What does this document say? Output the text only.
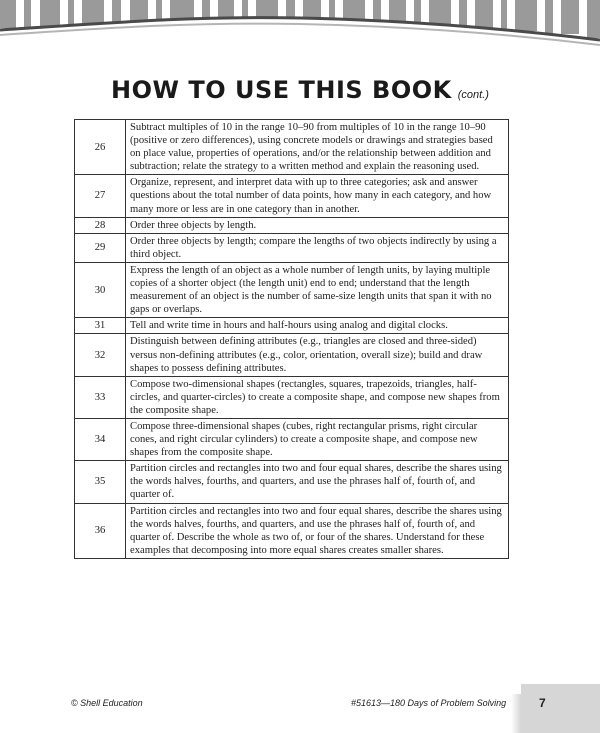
HOW TO USE THIS BOOK (cont.)
26	Subtract multiples of 10 in the range 10–90 from multiples of 10 in the range 10–90 (positive or zero differences), using concrete models or drawings and strategies based on place value, properties of operations, and/or the relationship between addition and subtraction; relate the strategy to a written method and explain the reasoning used.
27	Organize, represent, and interpret data with up to three categories; ask and answer questions about the total number of data points, how many in each category, and how many more or less are in one category than in another.
28	Order three objects by length.
29	Order three objects by length; compare the lengths of two objects indirectly by using a third object.
30	Express the length of an object as a whole number of length units, by laying multiple copies of a shorter object (the length unit) end to end; understand that the length measurement of an object is the number of same-size length units that span it with no gaps or overlaps.
31	Tell and write time in hours and half-hours using analog and digital clocks.
32	Distinguish between defining attributes (e.g., triangles are closed and three-sided) versus non-defining attributes (e.g., color, orientation, overall size); build and draw shapes to possess defining attributes.
33	Compose two-dimensional shapes (rectangles, squares, trapezoids, triangles, half-circles, and quarter-circles) to create a composite shape, and compose new shapes from the composite shape.
34	Compose three-dimensional shapes (cubes, right rectangular prisms, right circular cones, and right circular cylinders) to create a composite shape, and compose new shapes from the composite shape.
35	Partition circles and rectangles into two and four equal shares, describe the shares using the words halves, fourths, and quarters, and use the phrases half of, fourth of, and quarter of.
36	Partition circles and rectangles into two and four equal shares, describe the shares using the words halves, fourths, and quarters, and use the phrases half of, fourth of, and quarter of. Describe the whole as two of, or four of the shares. Understand for these examples that decomposing into more equal shares creates smaller shares.
© Shell Education	#51613—180 Days of Problem Solving	7
